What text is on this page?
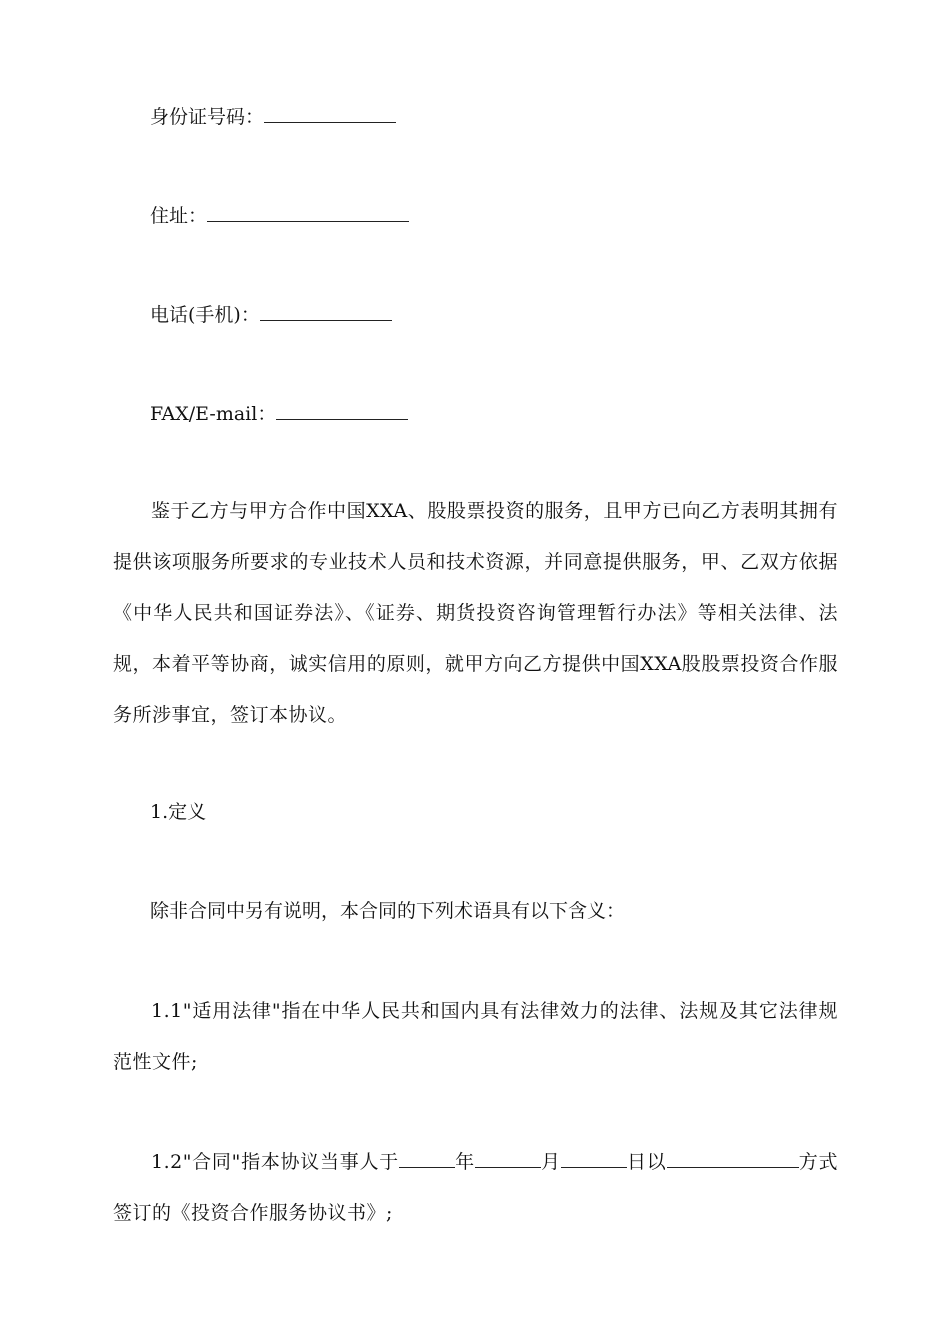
身份证号码：
住址：
电话(手机)：
FAX/E-mail：
鉴于乙方与甲方合作中国XXA、股股票投资的服务，且甲方已向乙方表明其拥有提供该项服务所要求的专业技术人员和技术资源，并同意提供服务，甲、乙双方依据《中华人民共和国证券法》、《证券、期货投资咨询管理暂行办法》等相关法律、法规，本着平等协商，诚实信用的原则，就甲方向乙方提供中国XXA股股票投资合作服务所涉事宜，签订本协议。
1.定义
除非合同中另有说明，本合同的下列术语具有以下含义：
1.1"适用法律"指在中华人民共和国内具有法律效力的法律、法规及其它法律规范性文件;
1.2"合同"指本协议当事人于	年	月	日以	方式签订的《投资合作服务协议书》;
